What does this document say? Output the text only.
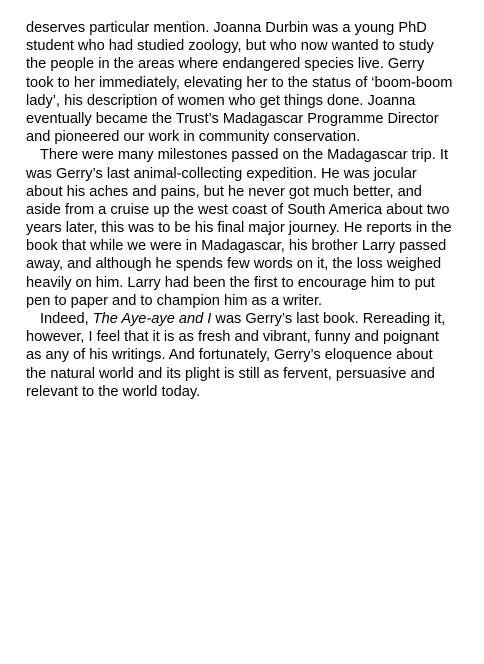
deserves particular mention. Joanna Durbin was a young PhD
student who had studied zoology, but who now wanted to study
the people in the areas where endangered species live. Gerry
took to her immediately, elevating her to the status of ‘boom-boom
lady’, his description of women who get things done. Joanna
eventually became the Trust’s Madagascar Programme Director
and pioneered our work in community conservation.
There were many milestones passed on the Madagascar trip. It
was Gerry’s last animal-collecting expedition. He was jocular
about his aches and pains, but he never got much better, and
aside from a cruise up the west coast of South America about two
years later, this was to be his final major journey. He reports in the
book that while we were in Madagascar, his brother Larry passed
away, and although he spends few words on it, the loss weighed
heavily on him. Larry had been the first to encourage him to put
pen to paper and to champion him as a writer.
Indeed, The Aye-aye and I was Gerry’s last book. Rereading it,
however, I feel that it is as fresh and vibrant, funny and poignant
as any of his writings. And fortunately, Gerry’s eloquence about
the natural world and its plight is still as fervent, persuasive and
relevant to the world today.
